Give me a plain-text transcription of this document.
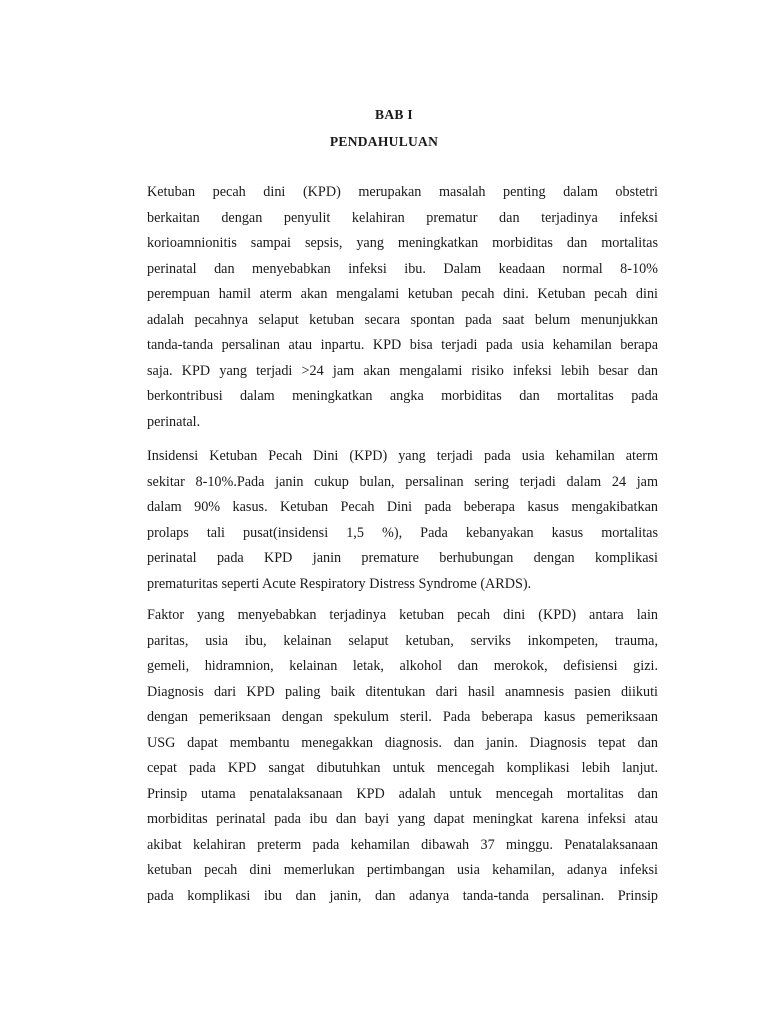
BAB I
PENDAHULUAN
Ketuban pecah dini (KPD) merupakan masalah penting dalam obstetri
berkaitan dengan penyulit kelahiran prematur dan terjadinya infeksi
korioamnionitis sampai sepsis, yang meningkatkan morbiditas dan mortalitas
perinatal dan menyebabkan infeksi ibu. Dalam keadaan normal 8-10%
perempuan hamil aterm akan mengalami ketuban pecah dini. Ketuban pecah dini
adalah pecahnya selaput ketuban secara spontan pada saat belum menunjukkan
tanda-tanda persalinan atau inpartu. KPD bisa terjadi pada usia kehamilan berapa
saja. KPD yang terjadi >24 jam akan mengalami risiko infeksi lebih besar dan
berkontribusi dalam meningkatkan angka morbiditas dan mortalitas pada
perinatal.
Insidensi Ketuban Pecah Dini (KPD) yang terjadi pada usia kehamilan aterm
sekitar 8-10%.Pada janin cukup bulan, persalinan sering terjadi dalam 24 jam
dalam 90% kasus. Ketuban Pecah Dini pada beberapa kasus mengakibatkan
prolaps tali pusat(insidensi 1,5 %), Pada kebanyakan kasus mortalitas
perinatal pada KPD janin premature berhubungan dengan komplikasi
prematuritas seperti Acute Respiratory Distress Syndrome (ARDS).
Faktor yang menyebabkan terjadinya ketuban pecah dini (KPD) antara lain
paritas, usia ibu, kelainan selaput ketuban, serviks inkompeten, trauma,
gemeli, hidramnion, kelainan letak, alkohol dan merokok, defisiensi gizi.
Diagnosis dari KPD paling baik ditentukan dari hasil anamnesis pasien diikuti
dengan pemeriksaan dengan spekulum steril. Pada beberapa kasus pemeriksaan
USG dapat membantu menegakkan diagnosis. dan janin. Diagnosis tepat dan
cepat pada KPD sangat dibutuhkan untuk mencegah komplikasi lebih lanjut.
Prinsip utama penatalaksanaan KPD adalah untuk mencegah mortalitas dan
morbiditas perinatal pada ibu dan bayi yang dapat meningkat karena infeksi atau
akibat kelahiran preterm pada kehamilan dibawah 37 minggu. Penatalaksanaan
ketuban pecah dini memerlukan pertimbangan usia kehamilan, adanya infeksi
pada komplikasi ibu dan janin, dan adanya tanda-tanda persalinan. Prinsip
